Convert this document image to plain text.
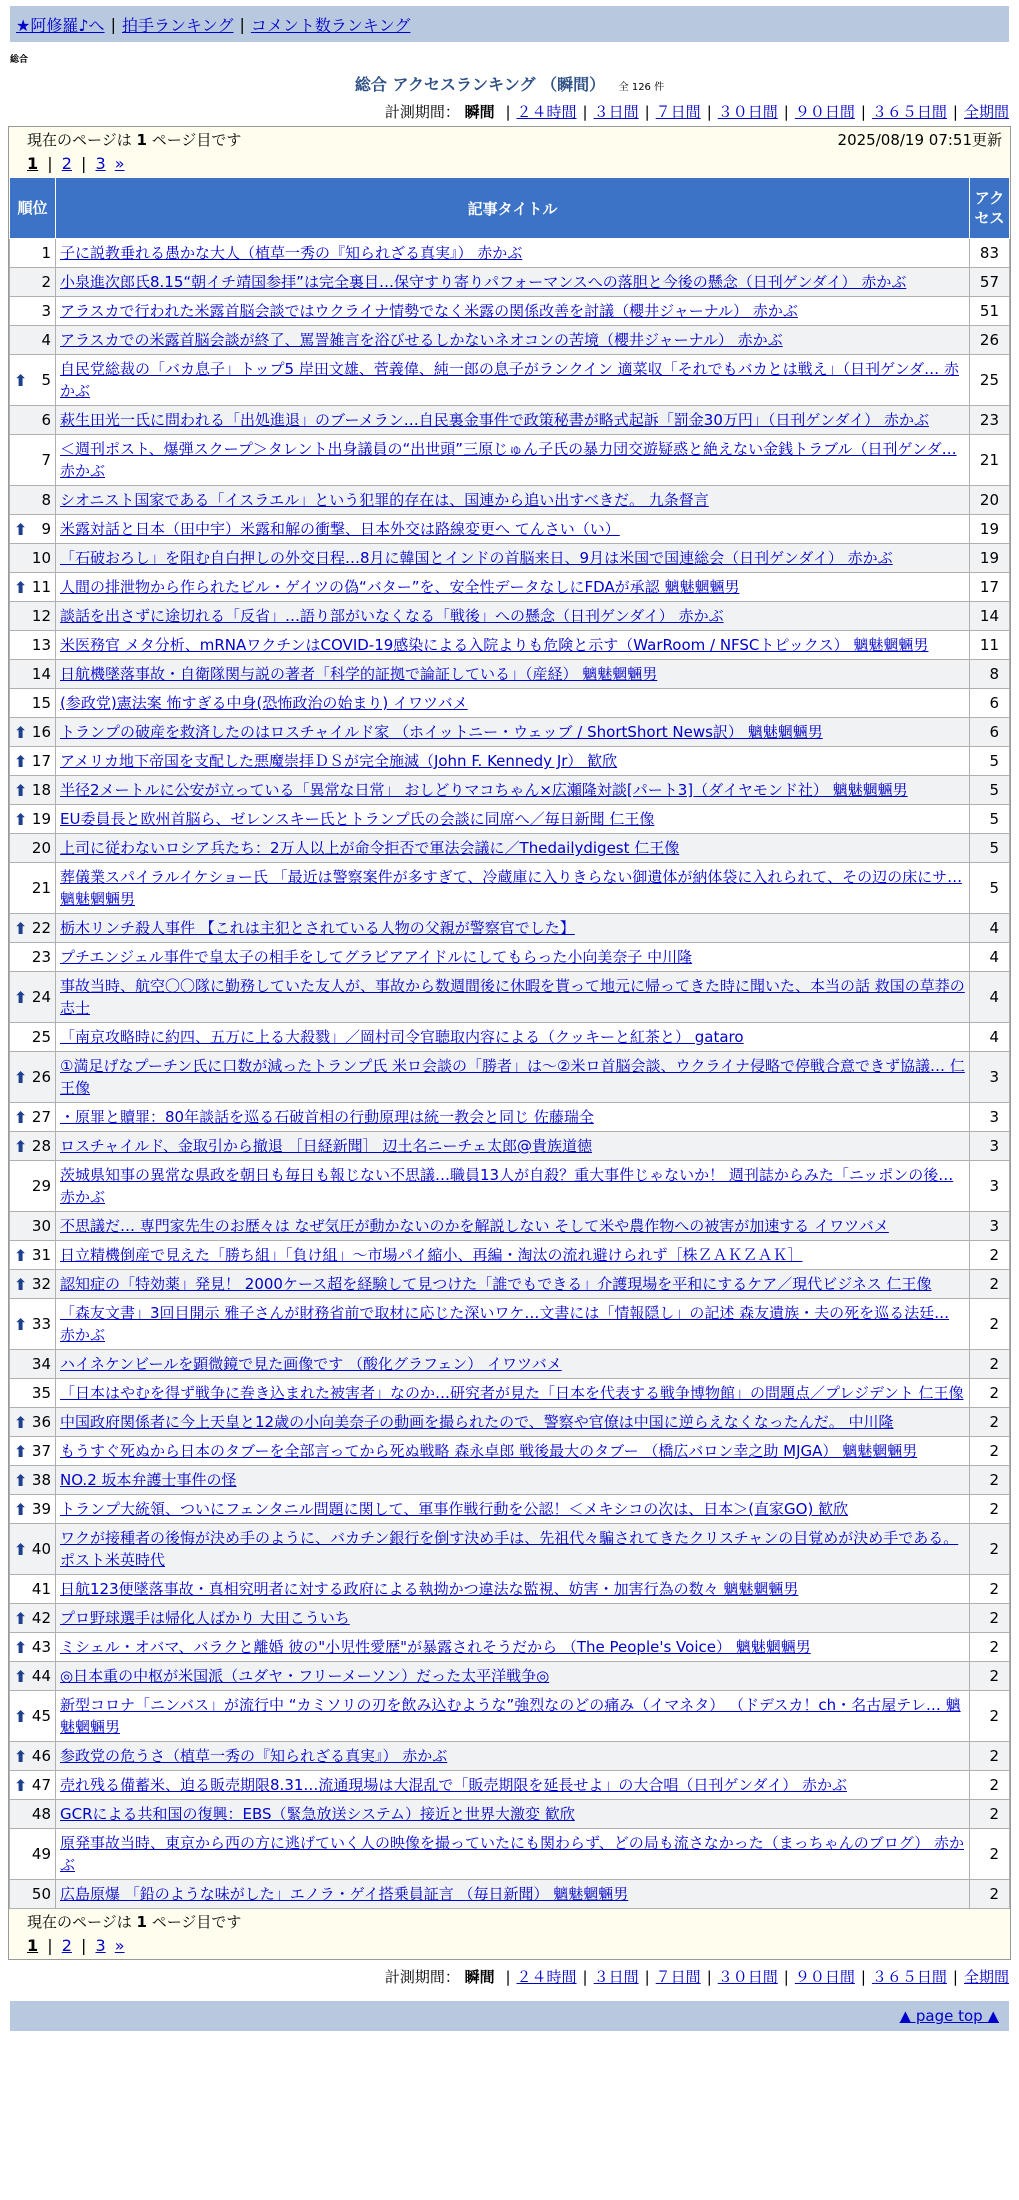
★阿修羅♪へ | 拍手ランキング | コメント数ランキング
総合
総合 アクセスランキング （瞬間） 全 126 件
計測期間： 瞬間 | ２４時間 | ３日間 | ７日間 | ３０日間 | ９０日間 | ３６５日間 | 全期間
現在のページは 1 ページ目です	2025/08/19 07:51更新
1 | 2 | 3 »
順位	記事タイトル	アクセス
1	子に説教垂れる愚かな大人（植草一秀の『知られざる真実』） 赤かぶ	83
2	小泉進次郎氏8.15“朝イチ靖国参拝”は完全裏目…保守すり寄りパフォーマンスへの落胆と今後の懸念（日刊ゲンダイ） 赤かぶ	57
3	アラスカで行われた米露首脳会談ではウクライナ情勢でなく米露の関係改善を討議（櫻井ジャーナル） 赤かぶ	51
4	アラスカでの米露首脳会談が終了、罵詈雑言を浴びせるしかないネオコンの苦境（櫻井ジャーナル） 赤かぶ	26

⬆ 5	自民党総裁の「バカ息子」トップ5 岸田文雄、菅義偉、純一郎の息子がランクイン 適菜収「それでもバカとは戦え」（日刊ゲンダ… 赤かぶ	25
6	萩生田光一氏に問われる「出処進退」のブーメラン…自民裏金事件で政策秘書が略式起訴「罰金30万円」（日刊ゲンダイ） 赤かぶ	23
7	＜週刊ポスト、爆弾スクープ＞タレント出身議員の“出世頭”三原じゅん子氏の暴力団交遊疑惑と絶えない金銭トラブル（日刊ゲンダ… 赤かぶ	21
8	シオニスト国家である「イスラエル」という犯罪的存在は、国連から追い出すべきだ。 九条督言	20

⬆ 9	米露対話と日本（田中宇）米露和解の衝撃、日本外交は路線変更へ てんさい（い）	19
10	「石破おろし」を阻む自白押しの外交日程…8月に韓国とインドの首脳来日、9月は米国で国連総会（日刊ゲンダイ） 赤かぶ	19

⬆ 11	人間の排泄物から作られたビル・ゲイツの偽“バター”を、安全性データなしにFDAが承認 魑魅魍魎男	17
12	談話を出さずに途切れる「反省」…語り部がいなくなる「戦後」への懸念（日刊ゲンダイ） 赤かぶ	14
13	米医務官 メタ分析、mRNAワクチンはCOVID-19感染による入院よりも危険と示す（WarRoom / NFSCトピックス） 魑魅魍魎男	11
14	日航機墜落事故・自衛隊関与説の著者「科学的証拠で論証している」（産経） 魑魅魍魎男	8
15	(参政党)憲法案 怖すぎる中身(恐怖政治の始まり) イワツバメ	6

⬆ 16	トランプの破産を救済したのはロスチャイルド家 （ホイットニー・ウェッブ / ShortShort News訳） 魑魅魍魎男	6

⬆ 17	アメリカ地下帝国を支配した悪魔崇拝ＤＳが完全施滅（John F. Kennedy Jr） 歓欣	5

⬆ 18	半径2メートルに公安が立っている「異常な日常」 おしどりマコちゃん×広瀬隆対談[パート3]（ダイヤモンド社） 魑魅魍魎男	5

⬆ 19	EU委員長と欧州首脳ら、ゼレンスキー氏とトランプ氏の会談に同席へ／毎日新聞 仁王像	5
20	上司に従わないロシア兵たち：2万人以上が命令拒否で軍法会議に／Thedailydigest 仁王像	5
21	葬儀業スパイラルイケショー氏 「最近は警察案件が多すぎて、冷蔵庫に入りきらない御遺体が納体袋に入れられて、その辺の床にサ… 魑魅魍魎男	5

⬆ 22	栃木リンチ殺人事件 【これは主犯とされている人物の父親が警察官でした】	4
23	プチエンジェル事件で皇太子の相手をしてグラビアアイドルにしてもらった小向美奈子 中川隆	4

⬆ 24	事故当時、航空〇〇隊に勤務していた友人が、事故から数週間後に休暇を貰って地元に帰ってきた時に聞いた、本当の話 救国の草莽の志士	4
25	「南京攻略時に約四、五万に上る大殺戮」／岡村司令官聴取内容による（クッキーと紅茶と） gataro	4

⬆ 26	①満足げなプーチン氏に口数が減ったトランプ氏 米ロ会談の「勝者」は～②米ロ首脳会談、ウクライナ侵略で停戦合意できず協議… 仁王像	3

⬆ 27	・原罪と贖罪：80年談話を巡る石破首相の行動原理は統一教会と同じ 佐藤瑞全	3

⬆ 28	ロスチャイルド、金取引から撤退 ［日経新聞］ 辺土名ニーチェ太郎@貴族道徳	3
29	茨城県知事の異常な県政を朝日も毎日も報じない不思議…職員13人が自殺？重大事件じゃないか！ 週刊誌からみた「ニッポンの後… 赤かぶ	3
30	不思議だ… 専門家先生のお歴々は なぜ気圧が動かないのかを解説しない そして米や農作物への被害が加速する イワツバメ	3

⬆ 31	日立精機倒産で見えた「勝ち組」「負け組」～市場パイ縮小、再編・淘汰の流れ避けられず［株ＺＡＫＺＡＫ］	2

⬆ 32	認知症の「特効薬」発見！ 2000ケース超を経験して見つけた「誰でもできる」介護現場を平和にするケア／現代ビジネス 仁王像	2

⬆ 33	「森友文書」3回目開示 雅子さんが財務省前で取材に応じた深いワケ…文書には「情報隠し」の記述 森友遺族・夫の死を巡る法廷… 赤かぶ	2
34	ハイネケンビールを顕微鏡で見た画像です （酸化グラフェン） イワツバメ	2
35	「日本はやむを得ず戦争に巻き込まれた被害者」なのか…研究者が見た「日本を代表する戦争博物館」の問題点／プレジデント 仁王像	2

⬆ 36	中国政府関係者に今上天皇と12歳の小向美奈子の動画を撮られたので、警察や官僚は中国に逆らえなくなったんだ。 中川隆	2

⬆ 37	もうすぐ死ぬから日本のタブーを全部言ってから死ぬ戦略 森永卓郎 戦後最大のタブー （橋広バロン幸之助 MJGA） 魑魅魍魎男	2

⬆ 38	NO.2 坂本弁護士事件の怪	2

⬆ 39	トランプ大統領、ついにフェンタニル問題に関して、軍事作戦行動を公認！＜メキシコの次は、日本＞(直家GO) 歓欣	2

⬆ 40	ワクが接種者の後悔が決め手のように、バカチン銀行を倒す決め手は、先祖代々騙されてきたクリスチャンの目覚めが決め手である。 ポスト米英時代	2
41	日航123便墜落事故・真相究明者に対する政府による執拗かつ違法な監視、妨害・加害行為の数々 魑魅魍魎男	2

⬆ 42	プロ野球選手は帰化人ばかり 大田こういち	2

⬆ 43	ミシェル・オバマ、バラクと離婚 彼の"小児性愛歴"が暴露されそうだから （The People's Voice） 魑魅魍魎男	2

⬆ 44	◎日本重の中枢が米国派（ユダヤ・フリーメーソン）だった太平洋戦争◎	2

⬆ 45	新型コロナ「ニンバス」が流行中 “カミソリの刃を飲み込むような”強烈なのどの痛み（イマネタ） （ドデスカ！ch・名古屋テレ… 魑魅魍魎男	2

⬆ 46	参政党の危うさ（植草一秀の『知られざる真実』） 赤かぶ	2

⬆ 47	売れ残る備蓄米、迫る販売期限8.31…流通現場は大混乱で「販売期限を延長せよ」の大合唱（日刊ゲンダイ） 赤かぶ	2
48	GCRによる共和国の復興：EBS（緊急放送システム）接近と世界大激変 歓欣	2
49	原発事故当時、東京から西の方に逃げていく人の映像を撮っていたにも関わらず、どの局も流さなかった（まっちゃんのブログ） 赤かぶ	2
50	広島原爆 「鉛のような味がした」エノラ・ゲイ搭乗員証言 （毎日新聞） 魑魅魍魎男	2
現在のページは 1 ページ目です
1 | 2 | 3 »
計測期間： 瞬間 | ２４時間 | ３日間 | ７日間 | ３０日間 | ９０日間 | ３６５日間 | 全期間
▲ page top ▲
